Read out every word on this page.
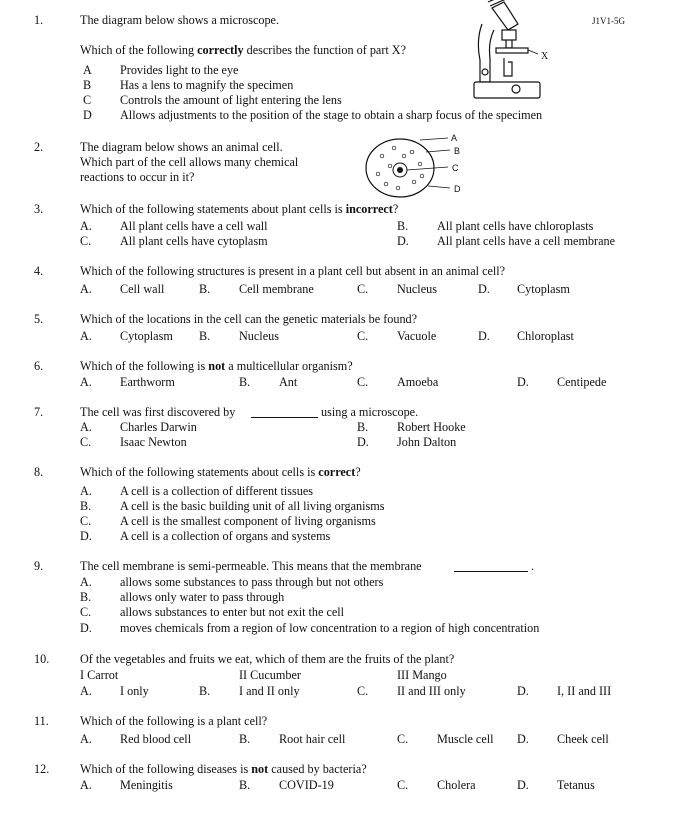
J1V1-5G
1.	The diagram below shows a microscope.
Which of the following correctly describes the function of part X?
A Provides light to the eye
B Has a lens to magnify the specimen
C Controls the amount of light entering the lens
D Allows adjustments to the position of the stage to obtain a sharp focus of the specimen
X
2.	The diagram below shows an animal cell.
Which part of the cell allows many chemical
reactions to occur in it?
A
B
C
D
3.	Which of the following statements about plant cells is incorrect?
A. All plant cells have a cell wall	B. All plant cells have chloroplasts
C. All plant cells have cytoplasm	D. All plant cells have a cell membrane
4.	Which of the following structures is present in a plant cell but absent in an animal cell?
A. Cell wall	B. Cell membrane	C. Nucleus	D. Cytoplasm
5.	Which of the locations in the cell can the genetic materials be found?
A. Cytoplasm B. Nucleus	C. Vacuole	D. Chloroplast
6.	Which of the following is not a multicellular organism?
A. Earthworm	B. Ant	C. Amoeba	D. Centipede
7.	The cell was first discovered by	using a microscope.
A. Charles Darwin	B. Robert Hooke
C. Isaac Newton	D. John Dalton
8.	Which of the following statements about cells is correct?
A. A cell is a collection of different tissues
B. A cell is the basic building unit of all living organisms
C. A cell is the smallest component of living organisms
D. A cell is a collection of organs and systems
9.	The cell membrane is semi-permeable. This means that the membrane	.
A. allows some substances to pass through but not others
B. allows only water to pass through
C. allows substances to enter but not exit the cell
D. moves chemicals from a region of low concentration to a region of high concentration
10.	Of the vegetables and fruits we eat, which of them are the fruits of the plant?
I Carrot	II Cucumber	III Mango
A. I only	B. I and II only	C. II and III only	D. I, II and III
11.	Which of the following is a plant cell?
A. Red blood cell	B. Root hair cell	C. Muscle cell D. Cheek cell
12.	Which of the following diseases is not caused by bacteria?
A. Meningitis	B. COVID-19	C. Cholera	D. Tetanus
